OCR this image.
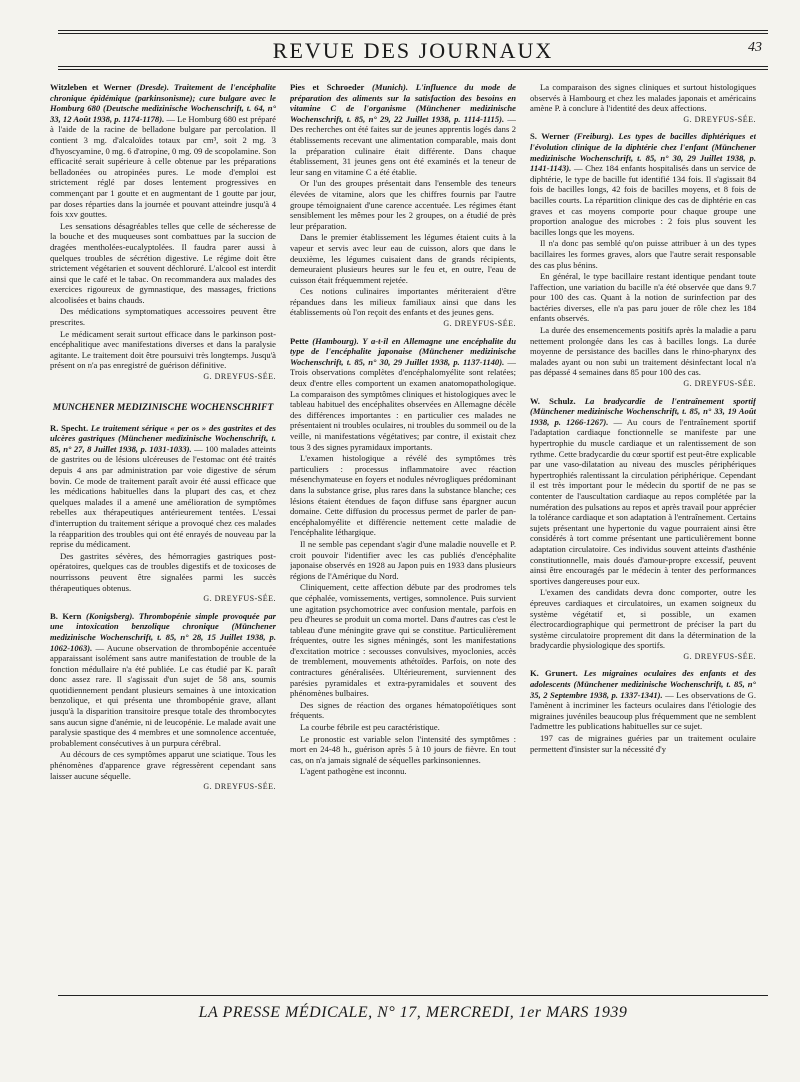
REVUE DES JOURNAUX	43

Witzleben et Werner (Dresde). Traitement de l'encéphalite chronique épidémique (parkinsonisme); cure bulgare avec le Homburg 680 (Deutsche medizinische Wochenschrift, t. 64, n° 33, 12 Août 1938, p. 1174-1178). — Le Homburg 680 est préparé à l'aide de la racine de belladone bulgare par percolation. Il contient 3 mg. d'alcaloïdes totaux par cm³, soit 2 mg. 3 d'hyoscyamine, 0 mg. 6 d'atropine, 0 mg. 09 de scopolamine. Son efficacité serait supérieure à celle obtenue par les préparations belladonées ou atropinées pures. Le mode d'emploi est strictement réglé par doses lentement progressives en commençant par 1 goutte et en augmentant de 1 goutte par jour, par doses réparties dans la journée et pouvant atteindre jusqu'à 4 fois xxv gouttes.

Les sensations désagréables telles que celle de sécheresse de la bouche et des muqueuses sont combattues par la succion de dragées mentholées-eucalyptolées. Il faudra parer aussi à quelques troubles de sécrétion digestive. Le régime doit être strictement végétarien et souvent déchloruré. L'alcool est interdit ainsi que le café et le tabac. On recommandera aux malades des exercices rigoureux de gymnastique, des massages, frictions alcoolisées et bains chauds.

Des médications symptomatiques accessoires peuvent être prescrites.

Le médicament serait surtout efficace dans le parkinson post-encéphalitique avec manifestations diverses et dans la paralysie agitante. Le traitement doit être poursuivi très longtemps. Jusqu'à présent on n'a pas enregistré de guérison définitive.

G. DREYFUS-SÉE.

MUNCHENER MEDIZINISCHE WOCHENSCHRIFT

R. Specht. Le traitement sérique « per os » des gastrites et des ulcères gastriques (Münchener medizinische Wochenschrift, t. 85, n° 27, 8 Juillet 1938, p. 1031-1033). — 100 malades atteints de gastrites ou de lésions ulcéreuses de l'estomac ont été traités depuis 4 ans par administration par voie digestive de sérum bovin. Ce mode de traitement paraît avoir été aussi efficace que les médications habituelles dans la plupart des cas, et chez quelques malades il a amené une amélioration de symptômes rebelles aux thérapeutiques antérieurement tentées. L'essai d'interruption du traitement sérique a provoqué chez ces malades la réapparition des troubles qui ont été enrayés de nouveau par la reprise du médicament.

Des gastrites sévères, des hémorragies gastriques post-opératoires, quelques cas de troubles digestifs et de toxicoses de nourrissons peuvent être signalées parmi les succès thérapeutiques obtenus.

G. DREYFUS-SÉE.

B. Kern (Konigsberg). Thrombopénie simple provoquée par une intoxication benzolique chronique (Münchener medizinische Wochenschrift, t. 85, n° 28, 15 Juillet 1938, p. 1062-1063). — Aucune observation de thrombopénie accentuée apparaissant isolément sans autre manifestation de trouble de la fonction médullaire n'a été publiée. Le cas étudié par K. paraît donc assez rare. Il s'agissait d'un sujet de 58 ans, soumis quotidiennement pendant plusieurs semaines à une intoxication benzolique, et qui présenta une thrombopénie grave, allant jusqu'à la disparition transitoire presque totale des thrombocytes sans aucun signe d'anémie, ni de leucopénie. Le malade avait une paralysie spastique des 4 membres et une somnolence accentuée, probablement consécutives à un purpura cérébral.

Au décours de ces symptômes apparut une sciatique. Tous les phénomènes d'apparence grave régressèrent cependant sans laisser aucune séquelle.

G. DREYFUS-SÉE.

Pies et Schroeder (Munich). L'influence du mode de préparation des aliments sur la satisfaction des besoins en vitamine C de l'organisme (Münchener medizinische Wochenschrift, t. 85, n° 29, 22 Juillet 1938, p. 1114-1115). — Des recherches ont été faites sur de jeunes apprentis logés dans 2 établissements recevant une alimentation comparable, mais dont la préparation culinaire était différente. Dans chaque établissement, 31 jeunes gens ont été examinés et la teneur de leur sang en vitamine C a été établie.

Or l'un des groupes présentait dans l'ensemble des teneurs élevées de vitamine, alors que les chiffres fournis par l'autre groupe témoignaient d'une carence accentuée. Les régimes étant sensiblement les mêmes pour les 2 groupes, on a étudié de près leur préparation.

Dans le premier établissement les légumes étaient cuits à la vapeur et servis avec leur eau de cuisson, alors que dans le deuxième, les légumes cuisaient dans de grands récipients, demeuraient plusieurs heures sur le feu et, en outre, l'eau de cuisson était fréquemment rejetée.

Ces notions culinaires importantes mériteraient d'être répandues dans les milieux familiaux ainsi que dans les établissements où l'on reçoit des enfants et des jeunes gens.

G. DREYFUS-SÉE.

Pette (Hambourg). Y a-t-il en Allemagne une encéphalite du type de l'encéphalite japonaise (Münchener medizinische Wochenschrift, t. 85, n° 30, 29 Juillet 1938, p. 1137-1140). — Trois observations complètes d'encéphalomyélite sont relatées; deux d'entre elles comportent un examen anatomopathologique. La comparaison des symptômes cliniques et histologiques avec le tableau habituel des encéphalites observées en Allemagne décèle des différences importantes : en particulier ces malades ne présentaient ni troubles oculaires, ni troubles du sommeil ou de la veille, ni manifestations végétatives; par contre, il existait chez tous 3 des signes pyramidaux importants.

L'examen histologique a révélé des symptômes très particuliers : processus inflammatoire avec réaction mésenchymateuse en foyers et nodules névrogliques prédominant dans la substance grise, plus rares dans la substance blanche; ces lésions étaient étendues de façon diffuse sans épargner aucun domaine. Cette diffusion du processus permet de parler de pan-encéphalomyélite et différencie nettement cette maladie de l'encéphalite léthargique.

Il ne semble pas cependant s'agir d'une maladie nouvelle et P. croit pouvoir l'identifier avec les cas publiés d'encéphalite japonaise observés en 1928 au Japon puis en 1933 dans plusieurs régions de l'Amérique du Nord.

Cliniquement, cette affection débute par des prodromes tels que céphalée, vomissements, vertiges, somnolence. Puis survient une agitation psychomotrice avec confusion mentale, parfois en peu d'heures se produit un coma mortel. Dans d'autres cas c'est le tableau d'une méningite grave qui se constitue. Particulièrement fréquentes, outre les signes méningés, sont les manifestations d'excitation motrice : secousses convulsives, myoclonies, accès de tremblement, mouvements athétoïdes. Parfois, on note des contractures généralisées. Ultérieurement, surviennent des parésies pyramidales et extra-pyramidales et souvent des phénomènes bulbaires.

Des signes de réaction des organes hématopoïétiques sont fréquents.

La courbe fébrile est peu caractéristique.

Le pronostic est variable selon l'intensité des symptômes : mort en 24-48 h., guérison après 5 à 10 jours de fièvre. En tout cas, on n'a jamais signalé de séquelles parkinsoniennes.

L'agent pathogène est inconnu.

La comparaison des signes cliniques et surtout histologiques observés à Hambourg et chez les malades japonais et américains amène P. à conclure à l'identité des deux affections.

G. DREYFUS-SÉE.

S. Werner (Freiburg). Les types de bacilles diphtériques et l'évolution clinique de la diphtérie chez l'enfant (Münchener medizinische Wochenschrift, t. 85, n° 30, 29 Juillet 1938, p. 1141-1143). — Chez 184 enfants hospitalisés dans un service de diphtérie, le type de bacille fut identifié 134 fois. Il s'agissait 84 fois de bacilles longs, 42 fois de bacilles moyens, et 8 fois de bacilles courts. La répartition clinique des cas de diphtérie en cas graves et cas moyens comporte pour chaque groupe une proportion analogue des microbes : 2 fois plus souvent les bacilles longs que les moyens.

Il n'a donc pas semblé qu'on puisse attribuer à un des types bacillaires les formes graves, alors que l'autre serait responsable des cas plus bénins.

En général, le type bacillaire restant identique pendant toute l'affection, une variation du bacille n'a été observée que dans 9.7 pour 100 des cas. Quant à la notion de surinfection par des bactéries diverses, elle n'a pas paru jouer de rôle chez les 184 enfants observés.

La durée des ensemencements positifs après la maladie a paru nettement prolongée dans les cas à bacilles longs. La durée moyenne de persistance des bacilles dans le rhino-pharynx des malades ayant ou non subi un traitement désinfectant local n'a pas dépassé 4 semaines dans 85 pour 100 des cas.

G. DREYFUS-SÉE.

W. Schulz. La bradycardie de l'entraînement sportif (Münchener medizinische Wochenschrift, t. 85, n° 33, 19 Août 1938, p. 1266-1267). — Au cours de l'entraînement sportif l'adaptation cardiaque fonctionnelle se manifeste par une hypertrophie du muscle cardiaque et un ralentissement de son rythme. Cette bradycardie du cœur sportif est peut-être explicable par une vaso-dilatation au niveau des muscles périphériques hypertrophiés ralentissant la circulation périphérique. Cependant il est très important pour le médecin du sportif de ne pas se contenter de l'auscultation cardiaque au repos complétée par la numération des pulsations au repos et après travail pour apprécier la tolérance cardiaque et son adaptation à l'entraînement. Certains sujets présentant une hypertonie du vague pourraient ainsi être considérés à tort comme présentant une particulièrement bonne adaptation circulatoire. Ces individus souvent atteints d'asthénie constitutionnelle, mais doués d'amour-propre excessif, peuvent ainsi être encouragés par le médecin à tenter des performances sportives dangereuses pour eux.

L'examen des candidats devra donc comporter, outre les épreuves cardiaques et circulatoires, un examen soigneux du système végétatif et, si possible, un examen électrocardiographique qui permettront de préciser la part du système circulatoire proprement dit dans la détermination de la bradycardie physiologique des sportifs.

G. DREYFUS-SÉE.

K. Grunert. Les migraines oculaires des enfants et des adolescents (Münchener medizinische Wochenschrift, t. 85, n° 35, 2 Septembre 1938, p. 1337-1341). — Les observations de G. l'amènent à incriminer les facteurs oculaires dans l'étiologie des migraines juvéniles beaucoup plus fréquemment que ne semblent l'admettre les publications habituelles sur ce sujet.

197 cas de migraines guéries par un traitement oculaire permettent d'insister sur la nécessité d'y

LA PRESSE MÉDICALE, N° 17, MERCREDI, 1er MARS 1939
